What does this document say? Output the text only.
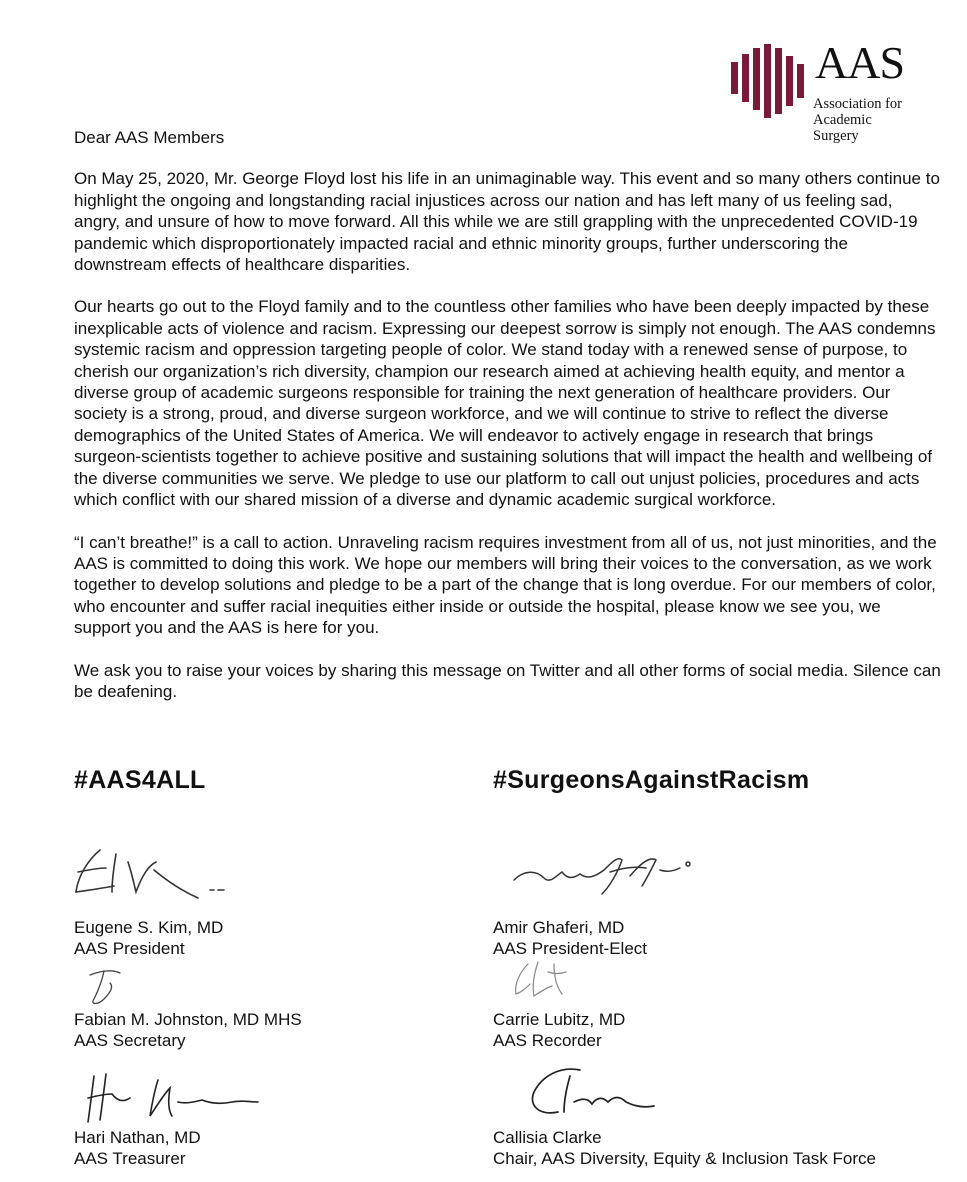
AAS
Association for
Academic Surgery

Dear AAS Members

On May 25, 2020, Mr. George Floyd lost his life in an unimaginable way. This event and so many others continue to highlight the ongoing and longstanding racial injustices across our nation and has left many of us feeling sad, angry, and unsure of how to move forward. All this while we are still grappling with the unprecedented COVID-19 pandemic which disproportionately impacted racial and ethnic minority groups, further underscoring the downstream effects of healthcare disparities.

Our hearts go out to the Floyd family and to the countless other families who have been deeply impacted by these inexplicable acts of violence and racism. Expressing our deepest sorrow is simply not enough. The AAS condemns systemic racism and oppression targeting people of color. We stand today with a renewed sense of purpose, to cherish our organization’s rich diversity, champion our research aimed at achieving health equity, and mentor a diverse group of academic surgeons responsible for training the next generation of healthcare providers. Our society is a strong, proud, and diverse surgeon workforce, and we will continue to strive to reflect the diverse demographics of the United States of America. We will endeavor to actively engage in research that brings surgeon-scientists together to achieve positive and sustaining solutions that will impact the health and wellbeing of the diverse communities we serve. We pledge to use our platform to call out unjust policies, procedures and acts which conflict with our shared mission of a diverse and dynamic academic surgical workforce.

“I can’t breathe!” is a call to action. Unraveling racism requires investment from all of us, not just minorities, and the AAS is committed to doing this work. We hope our members will bring their voices to the conversation, as we work together to develop solutions and pledge to be a part of the change that is long overdue. For our members of color, who encounter and suffer racial inequities either inside or outside the hospital, please know we see you, we support you and the AAS is here for you.

We ask you to raise your voices by sharing this message on Twitter and all other forms of social media. Silence can be deafening.

#AAS4ALL	#SurgeonsAgainstRacism
Eugene S. Kim, MD
AAS President
Amir Ghaferi, MD
AAS President-Elect
Fabian M. Johnston, MD MHS
AAS Secretary
Carrie Lubitz, MD
AAS Recorder
Hari Nathan, MD
AAS Treasurer
Callisia Clarke
Chair, AAS Diversity, Equity & Inclusion Task Force
